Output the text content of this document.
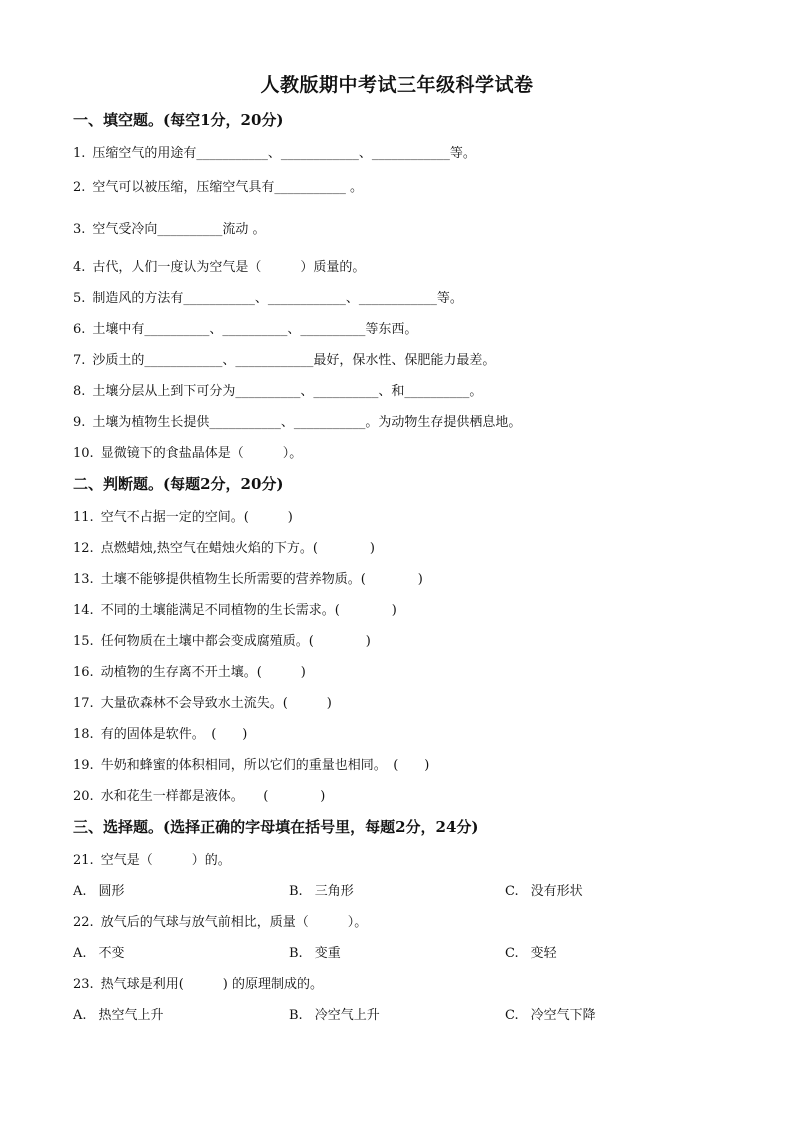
人教版期中考试三年级科学试卷
一、填空题。(每空1分，20分)
1. 压缩空气的用途有___________、____________、____________等。
2. 空气可以被压缩，压缩空气具有___________ 。
3. 空气受冷向__________流动 。
4. 古代，人们一度认为空气是（　　　）质量的。
5. 制造风的方法有___________、____________、____________等。
6. 土壤中有__________、__________、__________等东西。
7. 沙质土的____________、____________最好，保水性、保肥能力最差。
8. 土壤分层从上到下可分为__________、__________、和__________。
9. 土壤为植物生长提供___________、___________。为动物生存提供栖息地。
10. 显微镜下的食盐晶体是（　　　）。
二、判断题。(每题2分，20分)
11. 空气不占据一定的空间。(　　　)
12. 点燃蜡烛,热空气在蜡烛火焰的下方。(　　　　)
13. 土壤不能够提供植物生长所需要的营养物质。(　　　　)
14. 不同的土壤能满足不同植物的生长需求。(　　　　)
15. 任何物质在土壤中都会变成腐殖质。(　　　　)
16. 动植物的生存离不开土壤。(　　　)
17. 大量砍森林不会导致水土流失。(　　　)
18. 有的固体是软件。　(　　)
19. 牛奶和蜂蜜的体积相同，所以它们的重量也相同。　(　　)
20. 水和花生一样都是液体。　　(　　　　)
三、选择题。(选择正确的字母填在括号里，每题2分，24分)
21. 空气是（　　　）的。
A. 圆形	B. 三角形	C. 没有形状
22. 放气后的气球与放气前相比，质量（　　　）。
A. 不变	B. 变重	C. 变轻
23. 热气球是利用(　　　) 的原理制成的。
A. 热空气上升	B. 冷空气上升	C. 冷空气下降
